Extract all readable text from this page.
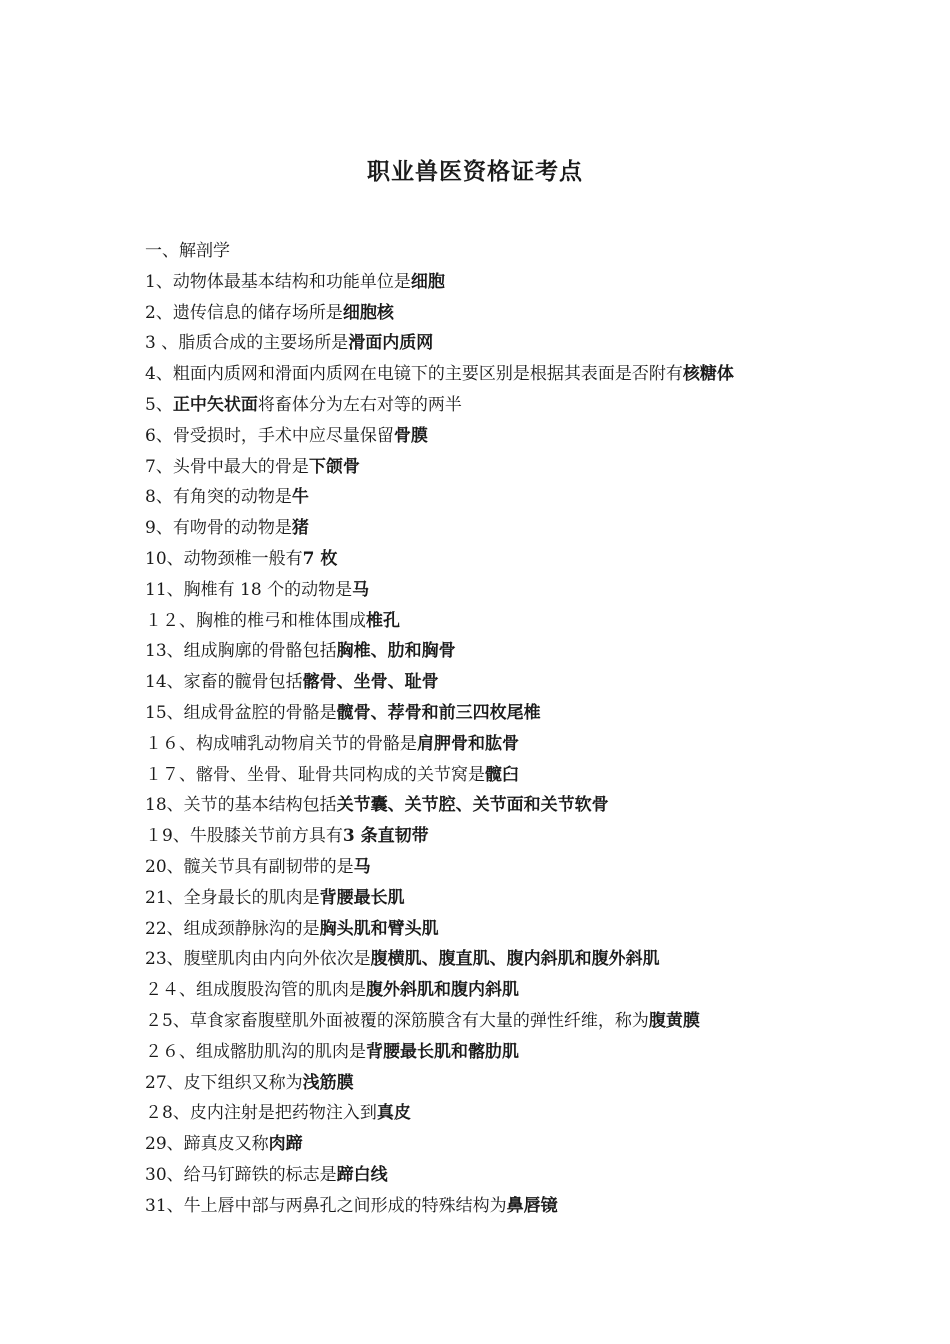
职业兽医资格证考点
一、解剖学
1、动物体最基本结构和功能单位是细胞
2、遗传信息的储存场所是细胞核
3 、脂质合成的主要场所是滑面内质网
4、粗面内质网和滑面内质网在电镜下的主要区别是根据其表面是否附有核糖体
5、正中矢状面将畜体分为左右对等的两半
6、骨受损时，手术中应尽量保留骨膜
7、头骨中最大的骨是下颌骨
8、有角突的动物是牛
9、有吻骨的动物是猪
10、动物颈椎一般有7 枚
11、胸椎有 18 个的动物是马
１２、胸椎的椎弓和椎体围成椎孔
13、组成胸廓的骨骼包括胸椎、肋和胸骨
14、家畜的髋骨包括髂骨、坐骨、耻骨
15、组成骨盆腔的骨骼是髋骨、荐骨和前三四枚尾椎
１６、构成哺乳动物肩关节的骨骼是肩胛骨和肱骨
１７、髂骨、坐骨、耻骨共同构成的关节窝是髋臼
18、关节的基本结构包括关节囊、关节腔、关节面和关节软骨
１9、牛股膝关节前方具有3 条直韧带
20、髋关节具有副韧带的是马
21、全身最长的肌肉是背腰最长肌
22、组成颈静脉沟的是胸头肌和臂头肌
23、腹壁肌肉由内向外依次是腹横肌、腹直肌、腹内斜肌和腹外斜肌
２４、组成腹股沟管的肌肉是腹外斜肌和腹内斜肌
２5、草食家畜腹壁肌外面被覆的深筋膜含有大量的弹性纤维，称为腹黄膜
２６、组成髂肋肌沟的肌肉是背腰最长肌和髂肋肌
27、皮下组织又称为浅筋膜
２8、皮内注射是把药物注入到真皮
29、蹄真皮又称肉蹄
30、给马钉蹄铁的标志是蹄白线
31、牛上唇中部与两鼻孔之间形成的特殊结构为鼻唇镜
